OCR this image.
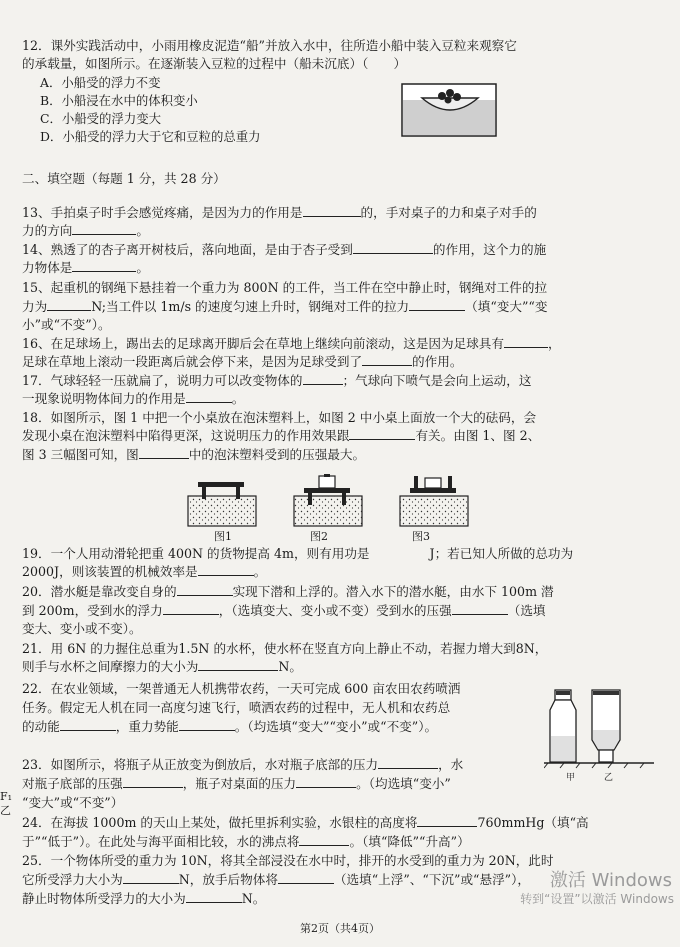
12．课外实践活动中，小雨用橡皮泥造“船”并放入水中，往所造小船中装入豆粒来观察它
的承载量，如图所示。在逐渐装入豆粒的过程中（船未沉底）（　　）
A．小船受的浮力不变
B．小船浸在水中的体积变小
C．小船受的浮力变大
D．小船受的浮力大于它和豆粒的总重力
二、填空题（每题 1 分，共 28 分）
13、手拍桌子时手会感觉疼痛，是因为力的作用是	的，手对桌子的力和桌子对手的
力的方向	。
14、熟透了的杏子离开树枝后，落向地面，是由于杏子受到	的作用，这个力的施
力物体是	。
15、起重机的钢绳下悬挂着一个重力为 800N 的工件，当工件在空中静止时，钢绳对工件的拉
力为	N;当工件以 1m/s 的速度匀速上升时，钢绳对工件的拉力	（填“变大”“变
小”或“不变”）。
16、在足球场上，踢出去的足球离开脚后会在草地上继续向前滚动，这是因为足球具有	，
足球在草地上滚动一段距离后就会停下来，是因为足球受到了	的作用。
17．气球轻轻一压就扁了，说明力可以改变物体的	；气球向下喷气是会向上运动，这
一现象说明物体间力的作用是	。
18．如图所示，图 1 中把一个小桌放在泡沫塑料上，如图 2 中小桌上面放一个大的砝码，会
发现小桌在泡沫塑料中陷得更深，这说明压力的作用效果跟	有关。由图 1、图 2、
图 3 三幅图可知，图	中的泡沫塑料受到的压强最大。
图1	图2	图3
19．一个人用动滑轮把重 400N 的货物提高 4m，则有用功是	J；若已知人所做的总功为
2000J，则该装置的机械效率是	。
20．潜水艇是靠改变自身的	实现下潜和上浮的。潜入水下的潜水艇，由水下 100m 潜
到 200m，受到水的浮力	，（选填变大、变小或不变）受到水的压强	（选填
变大、变小或不变）。
21．用 6N 的力握住总重为1.5N 的水杯，使水杯在竖直方向上静止不动，若握力增大到8N，
则手与水杯之间摩擦力的大小为	N。
22．在农业领域，一架普通无人机携带农药，一天可完成 600 亩农田农药喷洒
任务。假定无人机在同一高度匀速飞行，喷洒农药的过程中，无人机和农药总
的动能	，重力势能	。（均选填“变大”“变小”或“不变”）。
甲	乙
23．如图所示，将瓶子从正放变为倒放后，水对瓶子底部的压力	，水
对瓶子底部的压强	，瓶子对桌面的压力	。（均选填“变小”
“变大”或“不变”）
24．在海拔 1000m 的天山上某处，做托里拆利实验，水银柱的高度将	760mmHg（填“高
于”“低于”）。在此处与海平面相比较，水的沸点将	。（填“降低”“升高”）
25．一个物体所受的重力为 10N，将其全部浸没在水中时，排开的水受到的重力为 20N，此时
它所受浮力大小为	N，放手后物体将	（选填“上浮”、“下沉”或“悬浮”），
静止时物体所受浮力的大小为	N。
F₁
乙
激活 Windows
转到“设置”以激活 Windows
第2页（共4页）
